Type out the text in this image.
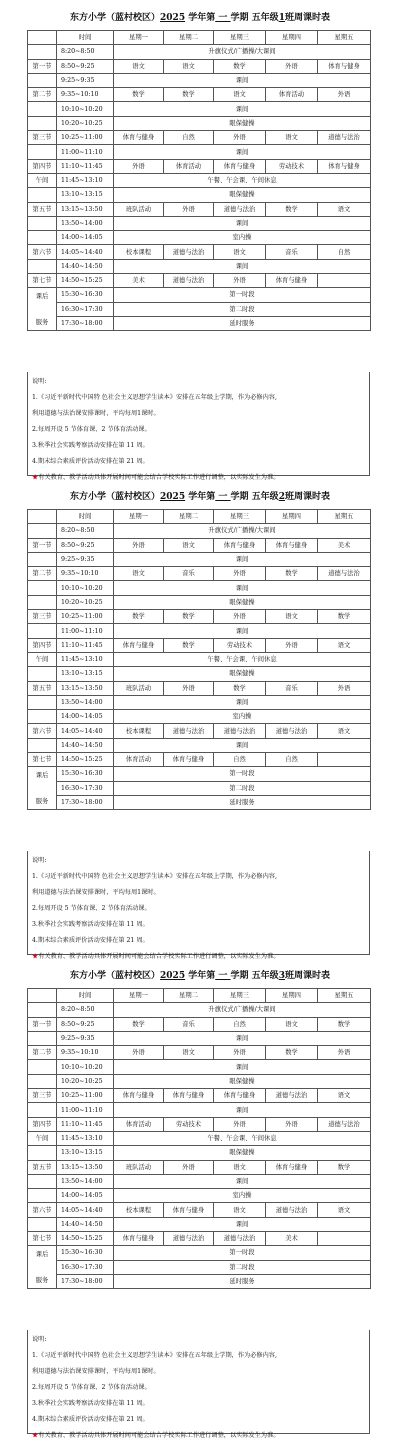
东方小学（蓝村校区）2025 学年第 一 学期 五年级1班周课时表
	时间	星期一	星期二	星期三	星期四	星期五
	8:20~8:50	升旗仪式/广播操/大课间				
第一节	8:50~9:25	语文	语文	数学	外语	体育与健身
	9:25~9:35	课间				
第二节	9:35~10:10	数学	数学	语文	体育活动	外语
	10:10~10:20	课间				
	10:20~10:25	眼保健操				
第三节	10:25~11:00	体育与健身	自然	外语	语文	道德与法治
	11:00~11:10	课间				
第四节	11:10~11:45	外语	体育活动	体育与健身	劳动技术	体育与健身
午间	11:45~13:10	午餐、午会课、午间休息				
	13:10~13:15	眼保健操				
第五节	13:15~13:50	班队活动	外语	道德与法治	数学	语文
	13:50~14:00	课间				
	14:00~14:05	室内操				
第六节	14:05~14:40	校本课程	道德与法治	语文	音乐	自然
	14:40~14:50	课间				
第七节	14:50~15:25	美术	道德与法治	外语	体育与健身	
课后

服务	15:30~16:30	第一时段				
	16:30~17:30	第二时段				
	17:30~18:00	延时服务				
说明:
1.《习近平新时代中国特 色社会主义思想学生读本》安排在五年级上学期，作为必修内容,
利用道德与法治课安排课时，平均每周1课时。
2.每周开设 5 节体育课、2 节体育活动课。
3.秋季社会实践考察活动安排在第 11 周。
4.期末综合素质评价活动安排在第 21 周。
★有关教育、教学活动具体开展时间可能会结合学校实际工作进行调整，以实际发生为准。
东方小学（蓝村校区）2025 学年第 一 学期 五年级2班周课时表
	时间	星期一	星期二	星期三	星期四	星期五
	8:20~8:50	升旗仪式/广播操/大课间				
第一节	8:50~9:25	外语	语文	体育与健身	体育与健身	美术
	9:25~9:35	课间				
第二节	9:35~10:10	语文	音乐	外语	数学	道德与法治
	10:10~10:20	课间				
	10:20~10:25	眼保健操				
第三节	10:25~11:00	数学	数学	外语	语文	数学
	11:00~11:10	课间				
第四节	11:10~11:45	体育与健身	数学	劳动技术	外语	语文
午间	11:45~13:10	午餐、午会课、午间休息				
	13:10~13:15	眼保健操				
第五节	13:15~13:50	班队活动	外语	数学	音乐	外语
	13:50~14:00	课间				
	14:00~14:05	室内操				
第六节	14:05~14:40	校本课程	道德与法治	道德与法治	道德与法治	语文
	14:40~14:50	课间				
第七节	14:50~15:25	体育活动	体育与健身	自然	自然	
课后

服务	15:30~16:30	第一时段				
	16:30~17:30	第二时段				
	17:30~18:00	延时服务				
说明:
1.《习近平新时代中国特 色社会主义思想学生读本》安排在五年级上学期，作为必修内容,
利用道德与法治课安排课时，平均每周1课时。
2.每周开设 5 节体育课、2 节体育活动课。
3.秋季社会实践考察活动安排在第 11 周。
4.期末综合素质评价活动安排在第 21 周。
★有关教育、教学活动具体开展时间可能会结合学校实际工作进行调整，以实际发生为准。
东方小学（蓝村校区）2025 学年第 一 学期 五年级3班周课时表
	时间	星期一	星期二	星期三	星期四	星期五
	8:20~8:50	升旗仪式/广播操/大课间				
第一节	8:50~9:25	数学	音乐	自然	语文	数学
	9:25~9:35	课间				
第二节	9:35~10:10	外语	语文	外语	数学	外语
	10:10~10:20	课间				
	10:20~10:25	眼保健操				
第三节	10:25~11:00	体育与健身	体育与健身	体育与健身	道德与法治	语文
	11:00~11:10	课间				
第四节	11:10~11:45	体育活动	劳动技术	外语	外语	道德与法治
午间	11:45~13:10	午餐、午会课、午间休息				
	13:10~13:15	眼保健操				
第五节	13:15~13:50	班队活动	外语	语文	体育与健身	数学
	13:50~14:00	课间				
	14:00~14:05	室内操				
第六节	14:05~14:40	校本课程	体育与健身	语文	道德与法治	语文
	14:40~14:50	课间				
第七节	14:50~15:25	体育与健身	道德与法治	道德与法治	美术	
课后

服务	15:30~16:30	第一时段				
	16:30~17:30	第二时段				
	17:30~18:00	延时服务				
说明:
1.《习近平新时代中国特 色社会主义思想学生读本》安排在五年级上学期，作为必修内容,
利用道德与法治课安排课时，平均每周1课时。
2.每周开设 5 节体育课、2 节体育活动课。
3.秋季社会实践考察活动安排在第 11 周。
4.期末综合素质评价活动安排在第 21 周。
★有关教育、教学活动具体开展时间可能会结合学校实际工作进行调整，以实际发生为准。
